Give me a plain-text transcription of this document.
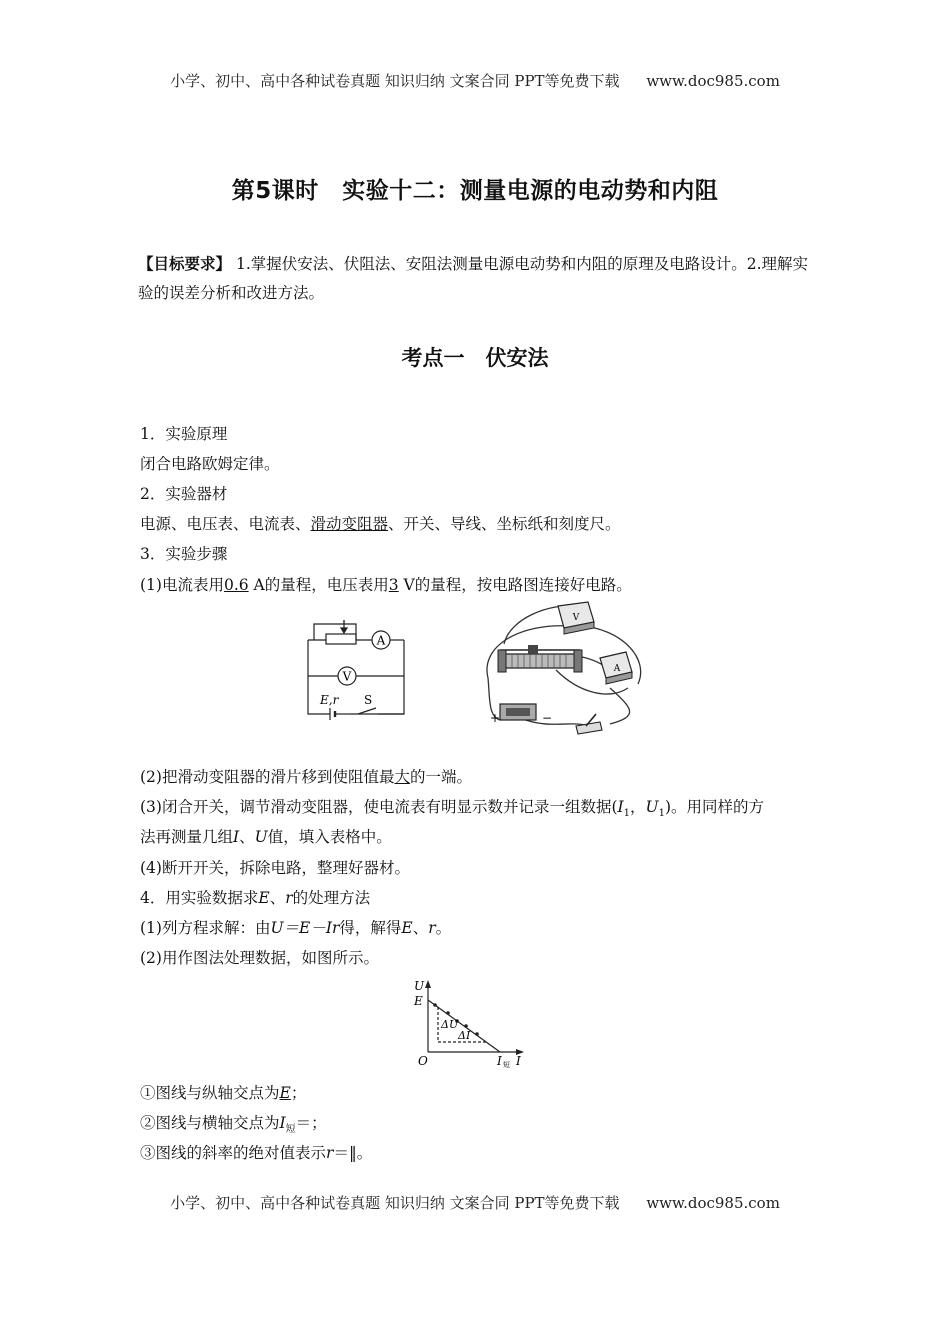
小学、初中、高中各种试卷真题 知识归纳 文案合同 PPT等免费下载 www.doc985.com
第5课时　实验十二：测量电源的电动势和内阻
【目标要求】 1.掌握伏安法、伏阻法、安阻法测量电源电动势和内阻的原理及电路设计。2.理解实验的误差分析和改进方法。
考点一　伏安法
1．实验原理
闭合电路欧姆定律。
2．实验器材
电源、电压表、电流表、滑动变阻器、开关、导线、坐标纸和刻度尺。
3．实验步骤
(1)电流表用0.6 A的量程，电压表用3 V的量程，按电路图连接好电路。
A
V
E,r S
V
A
+	−
(2)把滑动变阻器的滑片移到使阻值最大的一端。
(3)闭合开关，调节滑动变阻器，使电流表有明显示数并记录一组数据($I_1$，$U_1$)。用同样的方
法再测量几组I、U值，填入表格中。
(4)断开开关，拆除电路，整理好器材。
4．用实验数据求E、r的处理方法
(1)列方程求解：由U＝E－Ir得，解得E、r。
(2)用作图法处理数据，如图所示。
U
E
O	I 短 I
ΔU
ΔI
①图线与纵轴交点为E；
②图线与横轴交点为$I_短=$；
③图线的斜率的绝对值表示r＝‖。
小学、初中、高中各种试卷真题 知识归纳 文案合同 PPT等免费下载 www.doc985.com
